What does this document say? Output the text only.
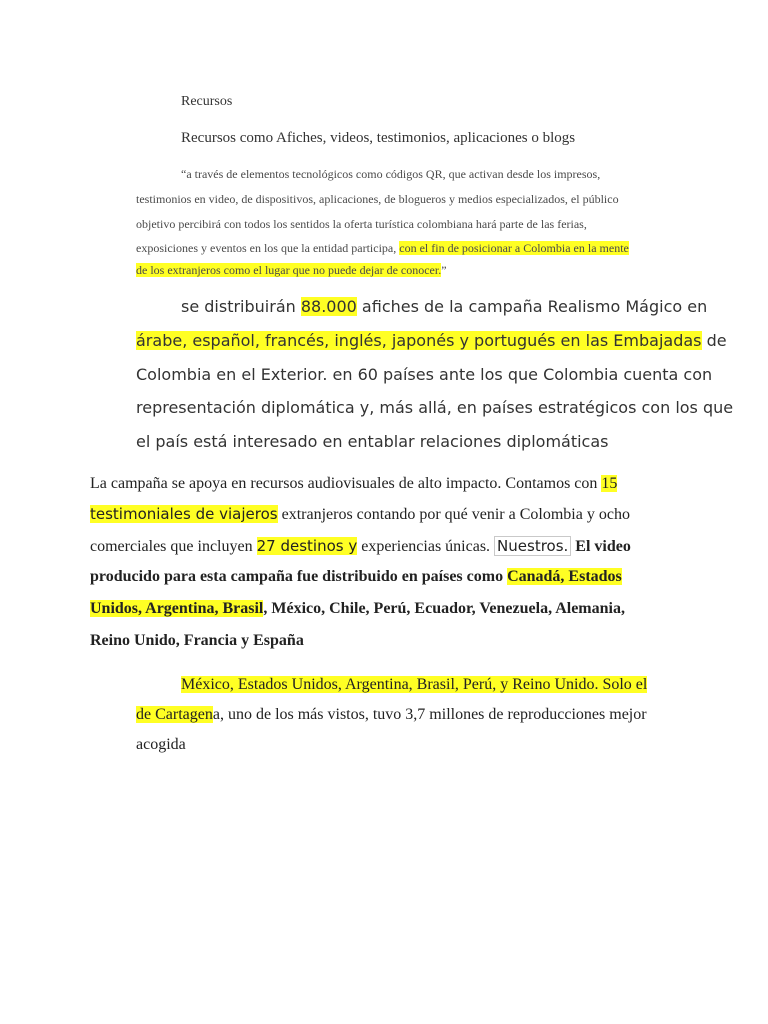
Recursos
Recursos como Afiches, videos, testimonios, aplicaciones o blogs
“a través de elementos tecnológicos como códigos QR, que activan desde los impresos,
testimonios en video, de dispositivos, aplicaciones, de blogueros y medios especializados, el público
objetivo percibirá con todos los sentidos la oferta turística colombiana hará parte de las ferias,
exposiciones y eventos en los que la entidad participa, con el fin de posicionar a Colombia en la mente
de los extranjeros como el lugar que no puede dejar de conocer.”
se distribuirán 88.000 afiches de la campaña Realismo Mágico en
árabe, español, francés, inglés, japonés y portugués en las Embajadas de
Colombia en el Exterior. en 60 países ante los que Colombia cuenta con
representación diplomática y, más allá, en países estratégicos con los que
el país está interesado en entablar relaciones diplomáticas
La campaña se apoya en recursos audiovisuales de alto impacto. Contamos con 15
testimoniales de viajeros extranjeros contando por qué venir a Colombia y ocho
comerciales que incluyen 27 destinos y experiencias únicas. Nuestros. El video
producido para esta campaña fue distribuido en países como Canadá, Estados
Unidos, Argentina, Brasil, México, Chile, Perú, Ecuador, Venezuela, Alemania,
Reino Unido, Francia y España
México, Estados Unidos, Argentina, Brasil, Perú, y Reino Unido. Solo el
de Cartagena, uno de los más vistos, tuvo 3,7 millones de reproducciones mejor
acogida
